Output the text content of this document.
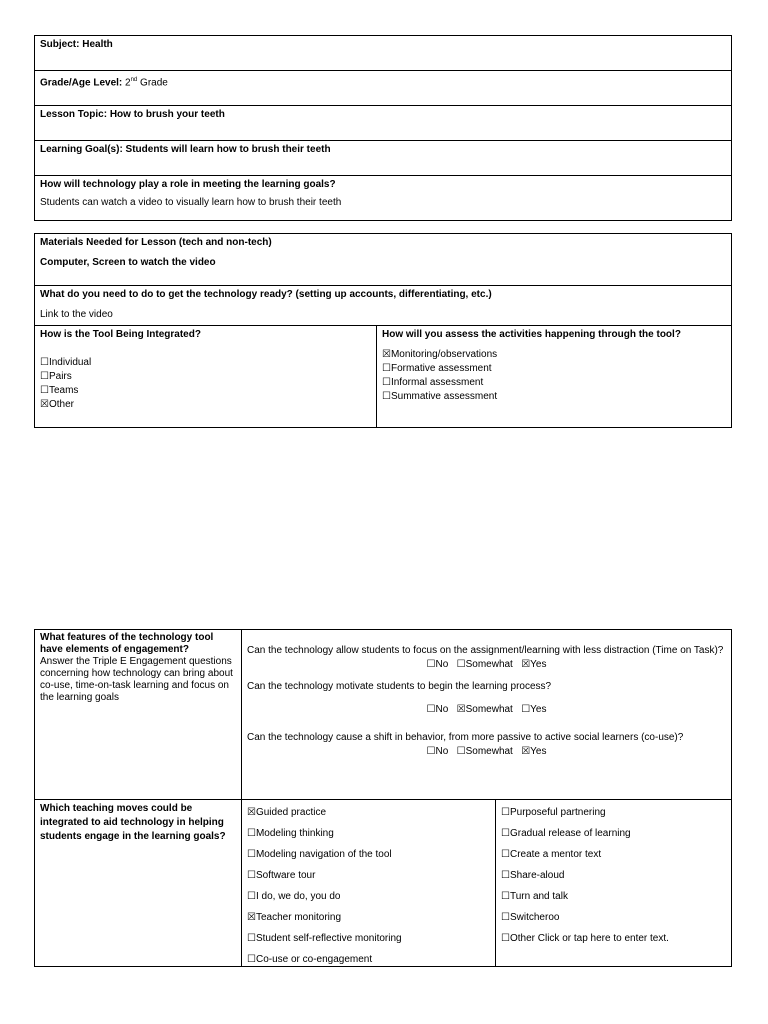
Subject: Health
Grade/Age Level: 2nd Grade
Lesson Topic: How to brush your teeth
Learning Goal(s): Students will learn how to brush their teeth
How will technology play a role in meeting the learning goals?
Students can watch a video to visually learn how to brush their teeth
Materials Needed for Lesson (tech and non-tech)
Computer, Screen to watch the video
What do you need to do to get the technology ready? (setting up accounts, differentiating, etc.)
Link to the video
How is the Tool Being Integrated?
☐Individual
☐Pairs
☐Teams
☒Other
How will you assess the activities happening through the tool?
☒Monitoring/observations
☐Formative assessment
☐Informal assessment
☐Summative assessment
What features of the technology tool have elements of engagement?
Answer the Triple E Engagement questions concerning how technology can bring about co-use, time-on-task learning and focus on the learning goals
Can the technology allow students to focus on the assignment/learning with less distraction (Time on Task)?
☐No ☐Somewhat ☒Yes
Can the technology motivate students to begin the learning process?
☐No ☒Somewhat ☐Yes
Can the technology cause a shift in behavior, from more passive to active social learners (co-use)?
☐No ☐Somewhat ☒Yes
Which teaching moves could be integrated to aid technology in helping students engage in the learning goals?
☒Guided practice
☐Modeling thinking
☐Modeling navigation of the tool
☐Software tour
☐I do, we do, you do
☒Teacher monitoring
☐Student self-reflective monitoring
☐Co-use or co-engagement
☐Purposeful partnering
☐Gradual release of learning
☐Create a mentor text
☐Share-aloud
☐Turn and talk
☐Switcheroo
☐Other Click or tap here to enter text.
